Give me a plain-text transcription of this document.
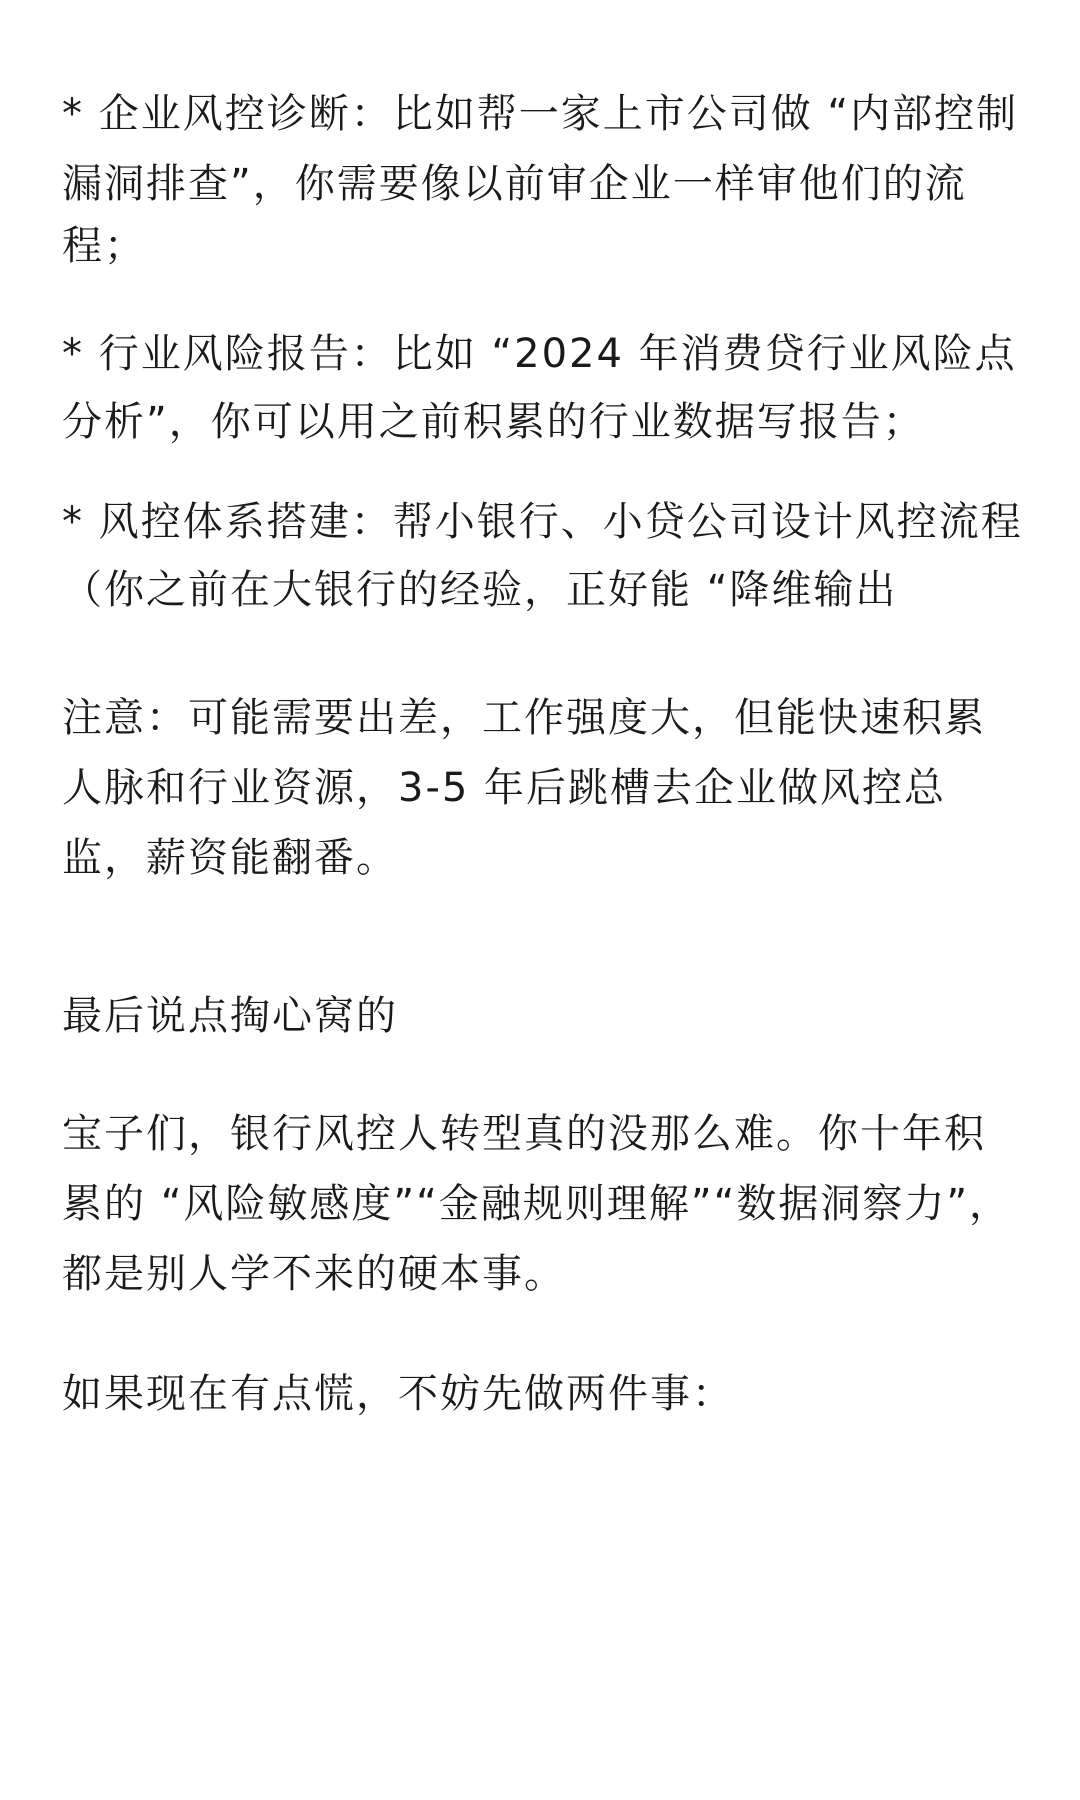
* 企业风控诊断：比如帮一家上市公司做 “内部控制
漏洞排查”，你需要像以前审企业一样审他们的流
程；
* 行业风险报告：比如 “2024 年消费贷行业风险点
分析”，你可以用之前积累的行业数据写报告；
* 风控体系搭建：帮小银行、小贷公司设计风控流程
（你之前在大银行的经验，正好能 “降维输出
注意：可能需要出差，工作强度大，但能快速积累
人脉和行业资源，3-5 年后跳槽去企业做风控总
监，薪资能翻番。
最后说点掏心窝的
宝子们，银行风控人转型真的没那么难。你十年积
累的 “风险敏感度”“金融规则理解”“数据洞察力”，
都是别人学不来的硬本事。
如果现在有点慌，不妨先做两件事：
